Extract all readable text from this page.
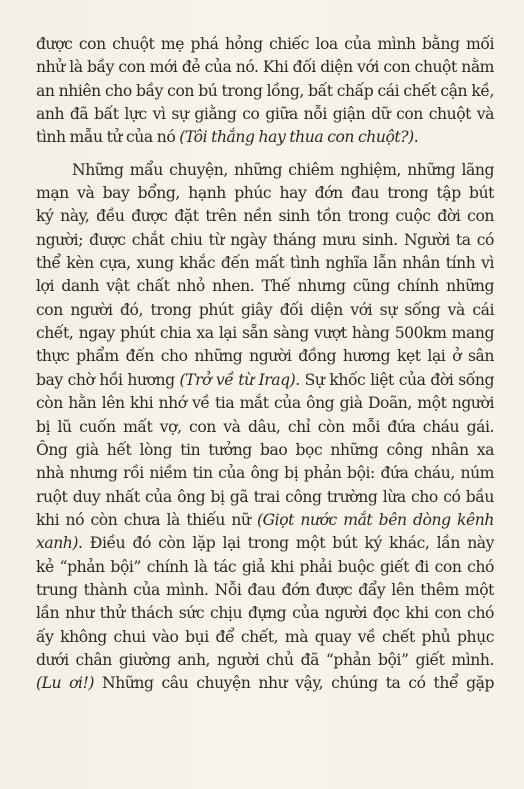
được con chuột mẹ phá hỏng chiếc loa của mình bằng mối
nhử là bầy con mới đẻ của nó. Khi đối diện với con chuột nằm
an nhiên cho bầy con bú trong lồng, bất chấp cái chết cận kề,
anh đã bất lực vì sự giằng co giữa nỗi giận dữ con chuột và
tình mẫu tử của nó (Tôi thắng hay thua con chuột?).
Những mẩu chuyện, những chiêm nghiệm, những lãng
mạn và bay bổng, hạnh phúc hay đớn đau trong tập bút
ký này, đều được đặt trên nền sinh tồn trong cuộc đời con
người; được chắt chiu từ ngày tháng mưu sinh. Người ta có
thể kèn cựa, xung khắc đến mất tình nghĩa lẫn nhân tính vì
lợi danh vật chất nhỏ nhen. Thế nhưng cũng chính những
con người đó, trong phút giây đối diện với sự sống và cái
chết, ngay phút chia xa lại sẵn sàng vượt hàng 500km mang
thực phẩm đến cho những người đồng hương kẹt lại ở sân
bay chờ hồi hương (Trở về từ Iraq). Sự khốc liệt của đời sống
còn hằn lên khi nhớ về tia mắt của ông già Doãn, một người
bị lũ cuốn mất vợ, con và dâu, chỉ còn mỗi đứa cháu gái.
Ông già hết lòng tin tưởng bao bọc những công nhân xa
nhà nhưng rồi niềm tin của ông bị phản bội: đứa cháu, núm
ruột duy nhất của ông bị gã trai công trường lừa cho có bầu
khi nó còn chưa là thiếu nữ (Giọt nước mắt bên dòng kênh
xanh). Điều đó còn lặp lại trong một bút ký khác, lần này
kẻ “phản bội” chính là tác giả khi phải buộc giết đi con chó
trung thành của mình. Nỗi đau đớn được đẩy lên thêm một
lần như thử thách sức chịu đựng của người đọc khi con chó
ấy không chui vào bụi để chết, mà quay về chết phủ phục
dưới chân giường anh, người chủ đã “phản bội” giết mình.
(Lu ơi!) Những câu chuyện như vậy, chúng ta có thể gặp
